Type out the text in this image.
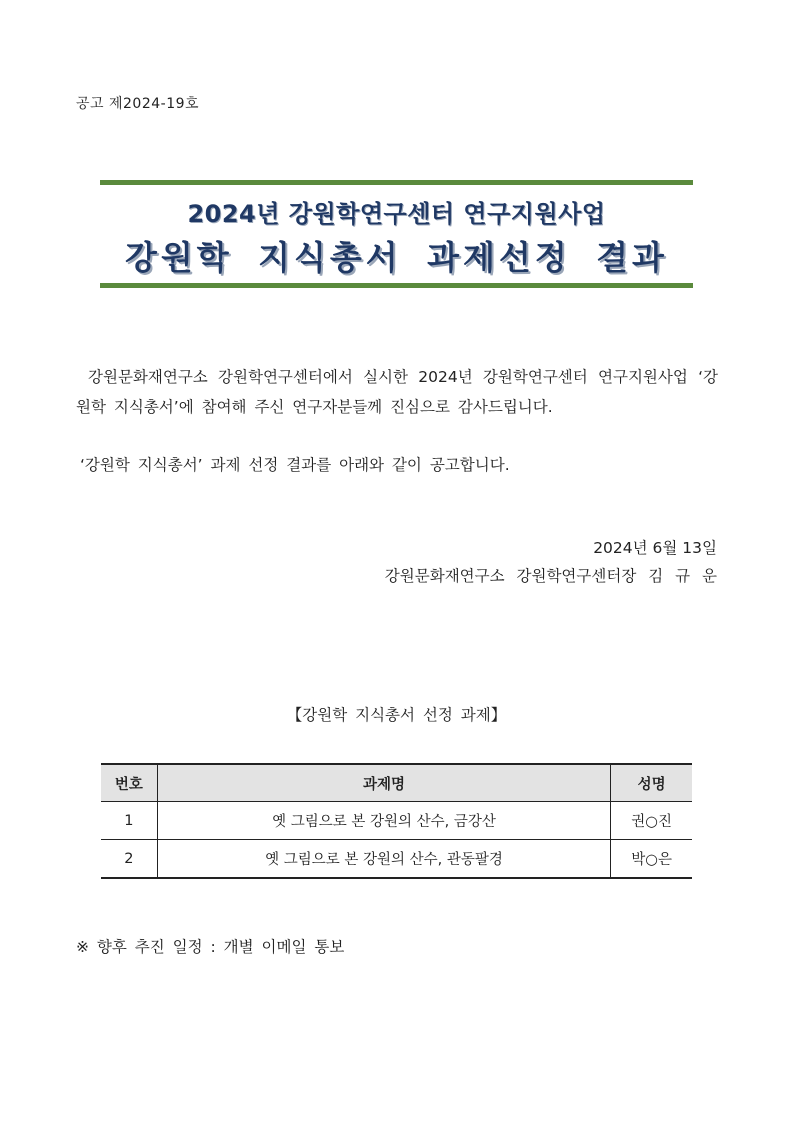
공고 제2024-19호
2024년 강원학연구센터 연구지원사업
강원학 지식총서 과제선정 결과
강원문화재연구소 강원학연구센터에서 실시한 2024년 강원학연구센터 연구지원사업 ‘강원학 지식총서’에 참여해 주신 연구자분들께 진심으로 감사드립니다.
‘강원학 지식총서’ 과제 선정 결과를 아래와 같이 공고합니다.
2024년 6월 13일
강원문화재연구소 강원학연구센터장 김 규 운
【강원학 지식총서 선정 과제】
번호	과제명	성명
1	옛 그림으로 본 강원의 산수, 금강산	권○진
2	옛 그림으로 본 강원의 산수, 관동팔경	박○은
※ 향후 추진 일정 : 개별 이메일 통보
